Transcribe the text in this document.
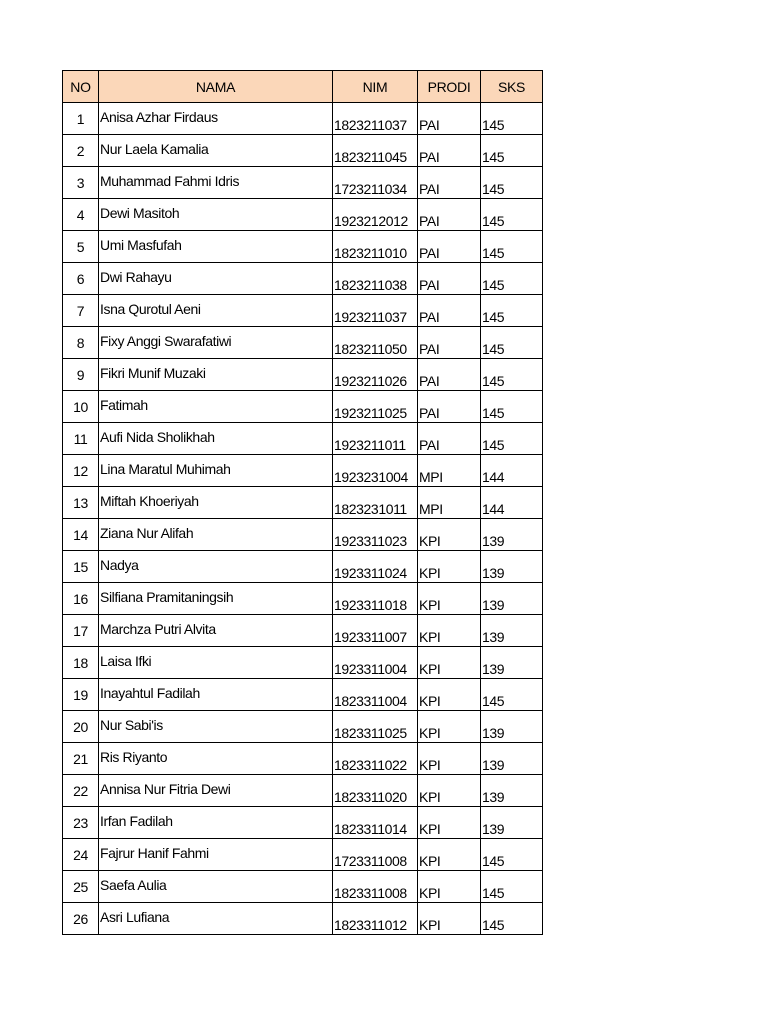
NO	NAMA	NIM	PRODI	SKS
1	Anisa Azhar Firdaus	1823211037	PAI	145
2	Nur Laela Kamalia	1823211045	PAI	145
3	Muhammad Fahmi Idris	1723211034	PAI	145
4	Dewi Masitoh	1923212012	PAI	145
5	Umi Masfufah	1823211010	PAI	145
6	Dwi Rahayu	1823211038	PAI	145
7	Isna Qurotul Aeni	1923211037	PAI	145
8	Fixy Anggi Swarafatiwi	1823211050	PAI	145
9	Fikri Munif Muzaki	1923211026	PAI	145
10	Fatimah	1923211025	PAI	145
11	Aufi Nida Sholikhah	1923211011	PAI	145
12	Lina Maratul Muhimah	1923231004	MPI	144
13	Miftah Khoeriyah	1823231011	MPI	144
14	Ziana Nur Alifah	1923311023	KPI	139
15	Nadya	1923311024	KPI	139
16	Silfiana Pramitaningsih	1923311018	KPI	139
17	Marchza Putri Alvita	1923311007	KPI	139
18	Laisa Ifki	1923311004	KPI	139
19	Inayahtul Fadilah	1823311004	KPI	145
20	Nur Sabi'is	1823311025	KPI	139
21	Ris Riyanto	1823311022	KPI	139
22	Annisa Nur Fitria Dewi	1823311020	KPI	139
23	Irfan Fadilah	1823311014	KPI	139
24	Fajrur Hanif Fahmi	1723311008	KPI	145
25	Saefa Aulia	1823311008	KPI	145
26	Asri Lufiana	1823311012	KPI	145
